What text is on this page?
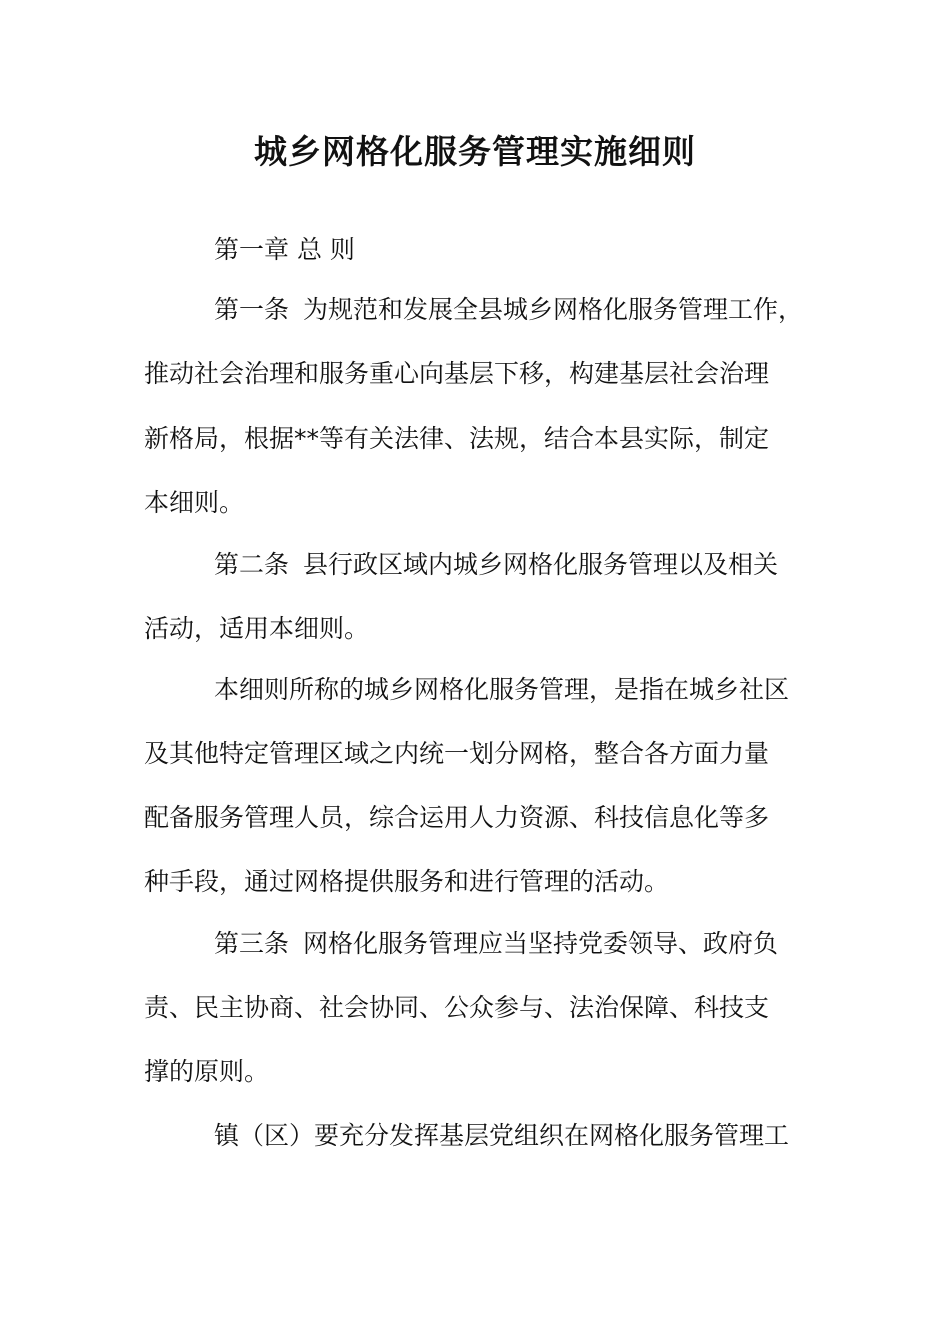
城乡网格化服务管理实施细则
第一章 总 则
第一条 为规范和发展全县城乡网格化服务管理工作，
推动社会治理和服务重心向基层下移，构建基层社会治理
新格局，根据**等有关法律、法规，结合本县实际，制定
本细则。
第二条 县行政区域内城乡网格化服务管理以及相关
活动，适用本细则。
本细则所称的城乡网格化服务管理，是指在城乡社区
及其他特定管理区域之内统一划分网格，整合各方面力量
配备服务管理人员，综合运用人力资源、科技信息化等多
种手段，通过网格提供服务和进行管理的活动。
第三条 网格化服务管理应当坚持党委领导、政府负
责、民主协商、社会协同、公众参与、法治保障、科技支
撑的原则。
镇（区）要充分发挥基层党组织在网格化服务管理工
